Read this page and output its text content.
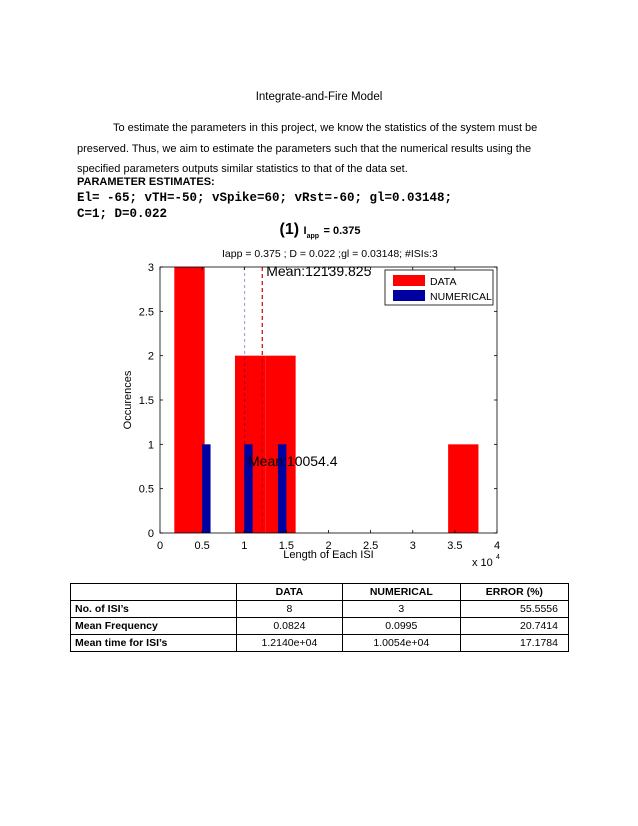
Integrate-and-Fire Model
To estimate the parameters in this project, we know the statistics of the system must be preserved. Thus, we aim to estimate the parameters such that the numerical results using the specified parameters outputs similar statistics to that of the data set.
PARAMETER ESTIMATES:
El= -65; vTH=-50; vSpike=60; vRst=-60; gl=0.03148;
C=1; D=0.022
(1) $I_{app} = 0.375$
Iapp = 0.375 ; D = 0.022 ;gl = 0.03148; #ISIs:3
0	0.5	1	1.5	2	2.5	3	3.5	4
0
0.5
1
1.5
2
2.5
3
Length of Each ISI
Occurences
x 10 4
Mean:12139.825
Mean:10054.4
DATA
NUMERICAL
	DATA	NUMERICAL	ERROR (%)
No. of ISI’s	8	3	55.5556
Mean Frequency	0.0824	0.0995	20.7414
Mean time for ISI’s	1.2140e+04	1.0054e+04	17.1784
